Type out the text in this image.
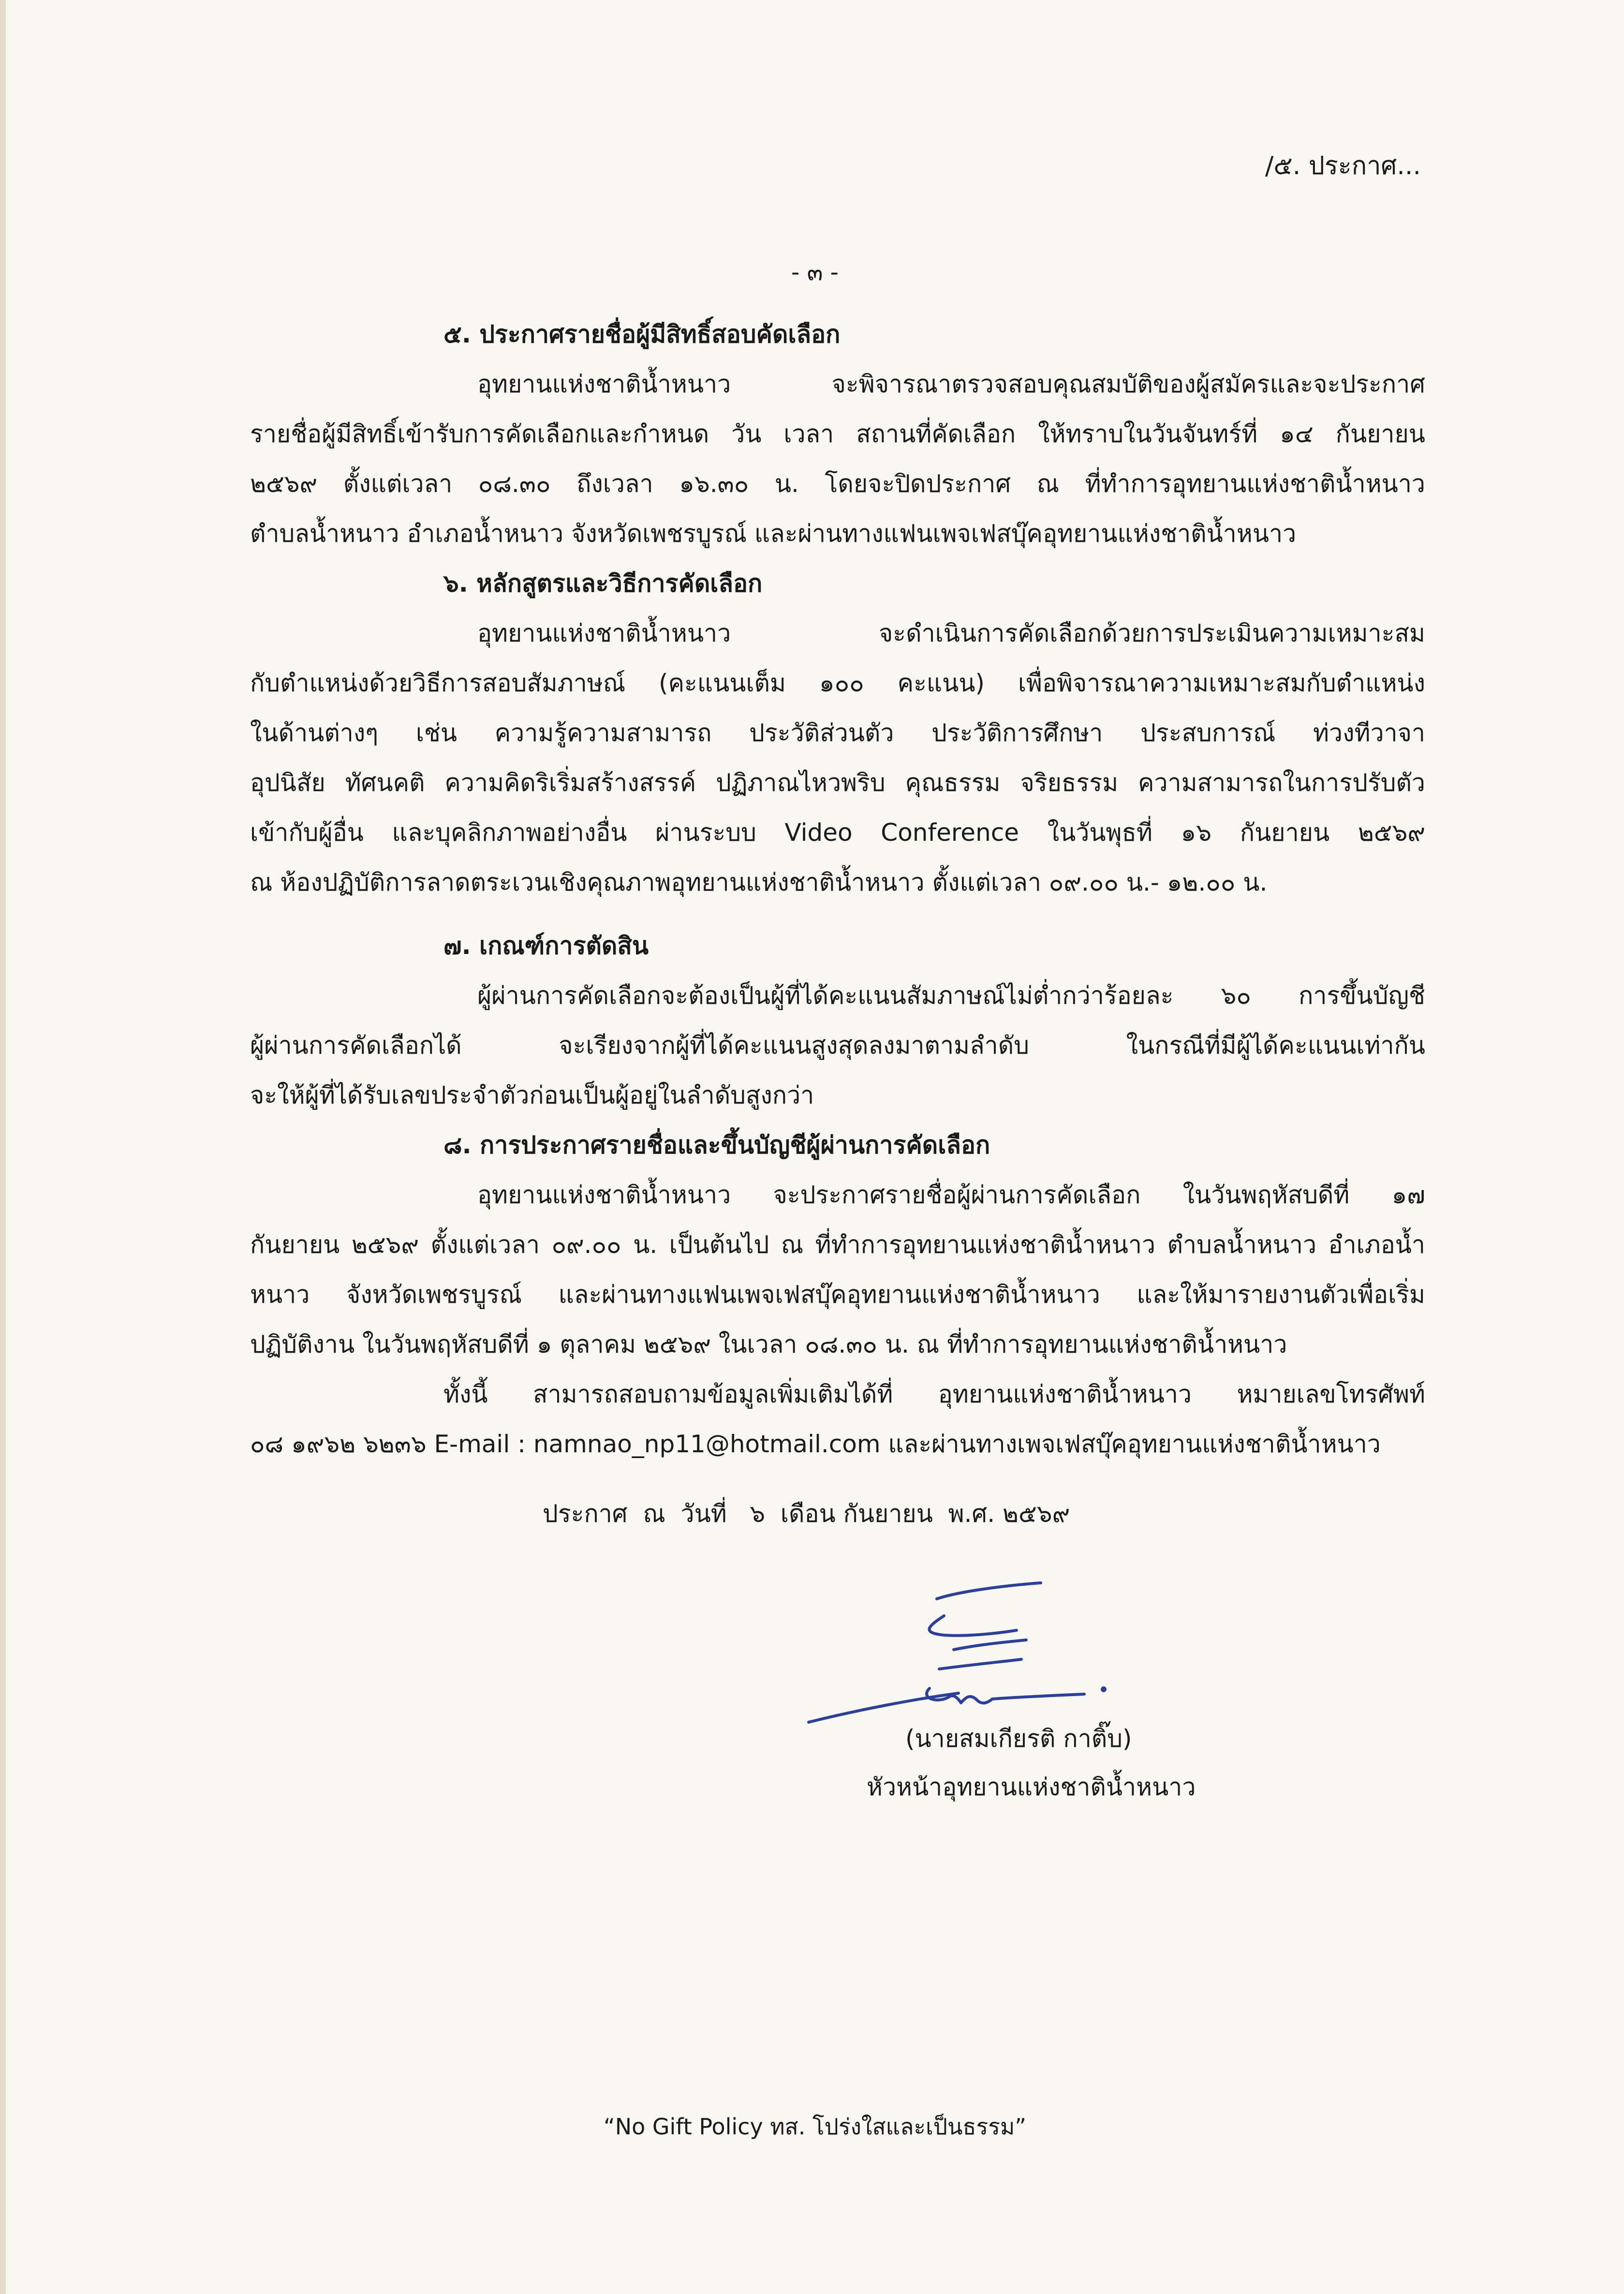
/๕. ประกาศ...
- ๓ -
๕. ประกาศรายชื่อผู้มีสิทธิ์สอบคัดเลือก
อุทยานแห่งชาติน้ำหนาว จะพิจารณาตรวจสอบคุณสมบัติของผู้สมัครและจะประกาศ
รายชื่อผู้มีสิทธิ์เข้ารับการคัดเลือกและกำหนด วัน เวลา สถานที่คัดเลือก ให้ทราบในวันจันทร์ที่ ๑๔ กันยายน
๒๕๖๙ ตั้งแต่เวลา ๐๘.๓๐ ถึงเวลา ๑๖.๓๐ น. โดยจะปิดประกาศ ณ ที่ทำการอุทยานแห่งชาติน้ำหนาว
ตำบลน้ำหนาว อำเภอน้ำหนาว จังหวัดเพชรบูรณ์ และผ่านทางแฟนเพจเฟสบุ๊คอุทยานแห่งชาติน้ำหนาว
๖. หลักสูตรและวิธีการคัดเลือก
อุทยานแห่งชาติน้ำหนาว จะดำเนินการคัดเลือกด้วยการประเมินความเหมาะสม
กับตำแหน่งด้วยวิธีการสอบสัมภาษณ์ (คะแนนเต็ม ๑๐๐ คะแนน) เพื่อพิจารณาความเหมาะสมกับตำแหน่ง
ในด้านต่างๆ เช่น ความรู้ความสามารถ ประวัติส่วนตัว ประวัติการศึกษา ประสบการณ์ ท่วงทีวาจา
อุปนิสัย ทัศนคติ ความคิดริเริ่มสร้างสรรค์ ปฏิภาณไหวพริบ คุณธรรม จริยธรรม ความสามารถในการปรับตัว
เข้ากับผู้อื่น และบุคลิกภาพอย่างอื่น ผ่านระบบ Video Conference ในวันพุธที่ ๑๖ กันยายน ๒๕๖๙
ณ ห้องปฏิบัติการลาดตระเวนเชิงคุณภาพอุทยานแห่งชาติน้ำหนาว ตั้งแต่เวลา ๐๙.๐๐ น.- ๑๒.๐๐ น.
๗. เกณฑ์การตัดสิน
ผู้ผ่านการคัดเลือกจะต้องเป็นผู้ที่ได้คะแนนสัมภาษณ์ไม่ต่ำกว่าร้อยละ ๖๐ การขึ้นบัญชี
ผู้ผ่านการคัดเลือกได้ จะเรียงจากผู้ที่ได้คะแนนสูงสุดลงมาตามลำดับ ในกรณีที่มีผู้ได้คะแนนเท่ากัน
จะให้ผู้ที่ได้รับเลขประจำตัวก่อนเป็นผู้อยู่ในลำดับสูงกว่า
๘. การประกาศรายชื่อและขึ้นบัญชีผู้ผ่านการคัดเลือก
อุทยานแห่งชาติน้ำหนาว จะประกาศรายชื่อผู้ผ่านการคัดเลือก ในวันพฤหัสบดีที่ ๑๗
กันยายน ๒๕๖๙ ตั้งแต่เวลา ๐๙.๐๐ น. เป็นต้นไป ณ ที่ทำการอุทยานแห่งชาติน้ำหนาว ตำบลน้ำหนาว อำเภอน้ำ
หนาว จังหวัดเพชรบูรณ์ และผ่านทางแฟนเพจเฟสบุ๊คอุทยานแห่งชาติน้ำหนาว และให้มารายงานตัวเพื่อเริ่ม
ปฏิบัติงาน ในวันพฤหัสบดีที่ ๑ ตุลาคม ๒๕๖๙ ในเวลา ๐๘.๓๐ น. ณ ที่ทำการอุทยานแห่งชาติน้ำหนาว
ทั้งนี้ สามารถสอบถามข้อมูลเพิ่มเติมได้ที่ อุทยานแห่งชาติน้ำหนาว หมายเลขโทรศัพท์
๐๘ ๑๙๖๒ ๖๒๓๖ E-mail : namnao_np11@hotmail.com และผ่านทางเพจเฟสบุ๊คอุทยานแห่งชาติน้ำหนาว
ประกาศ  ณ  วันที่   ๖  เดือน กันยายน  พ.ศ. ๒๕๖๙
(นายสมเกียรติ กาติ๊บ)
หัวหน้าอุทยานแห่งชาติน้ำหนาว
“No Gift Policy ทส. โปร่งใสและเป็นธรรม”
